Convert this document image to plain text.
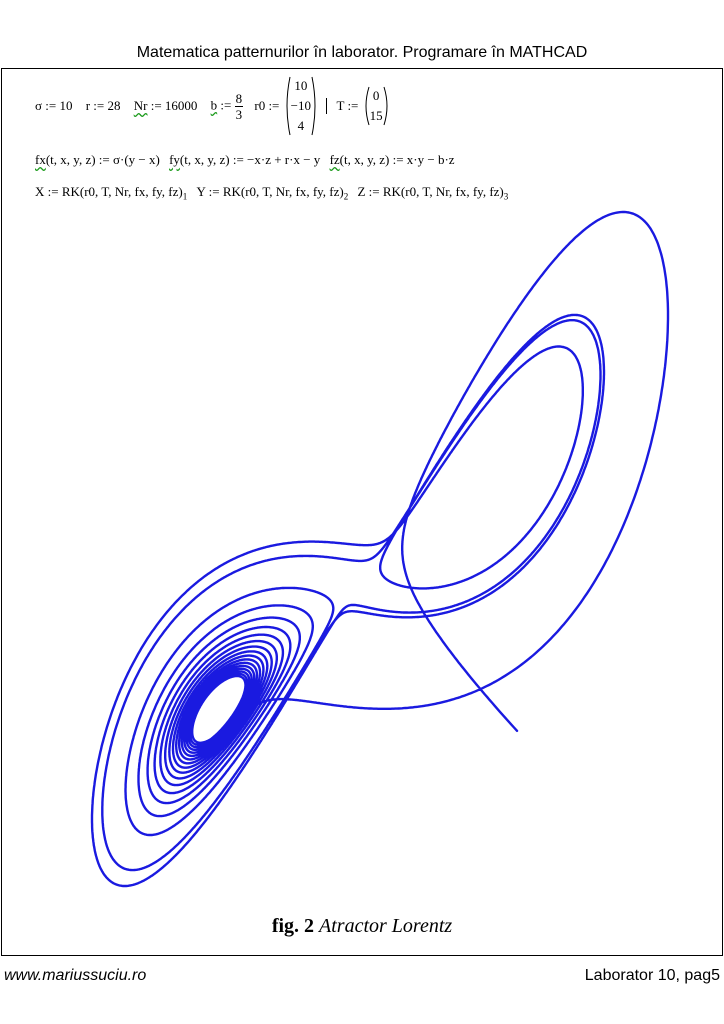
Matematica patternurilor în laborator. Programare în MATHCAD
σ := 10 r := 28 Nr := 16000 b := $\frac{8}{3} r0$ :=
10
−10
4
T :=
0
15
fx(t, x, y, z) := σ·(y − x) fy(t, x, y, z) := −x·z + r·x − y fz(t, x, y, z) := x·y − b·z
X := RK(r0, T, Nr, fx, fy, $fz)_1$ Y := RK(r0, T, Nr, fx, fy, $fz)_2$ Z := RK(r0, T, Nr, fx, fy, $fz)_3$
fig. 2 Atractor Lorentz
www.mariussuciu.ro	Laborator 10, pag5
